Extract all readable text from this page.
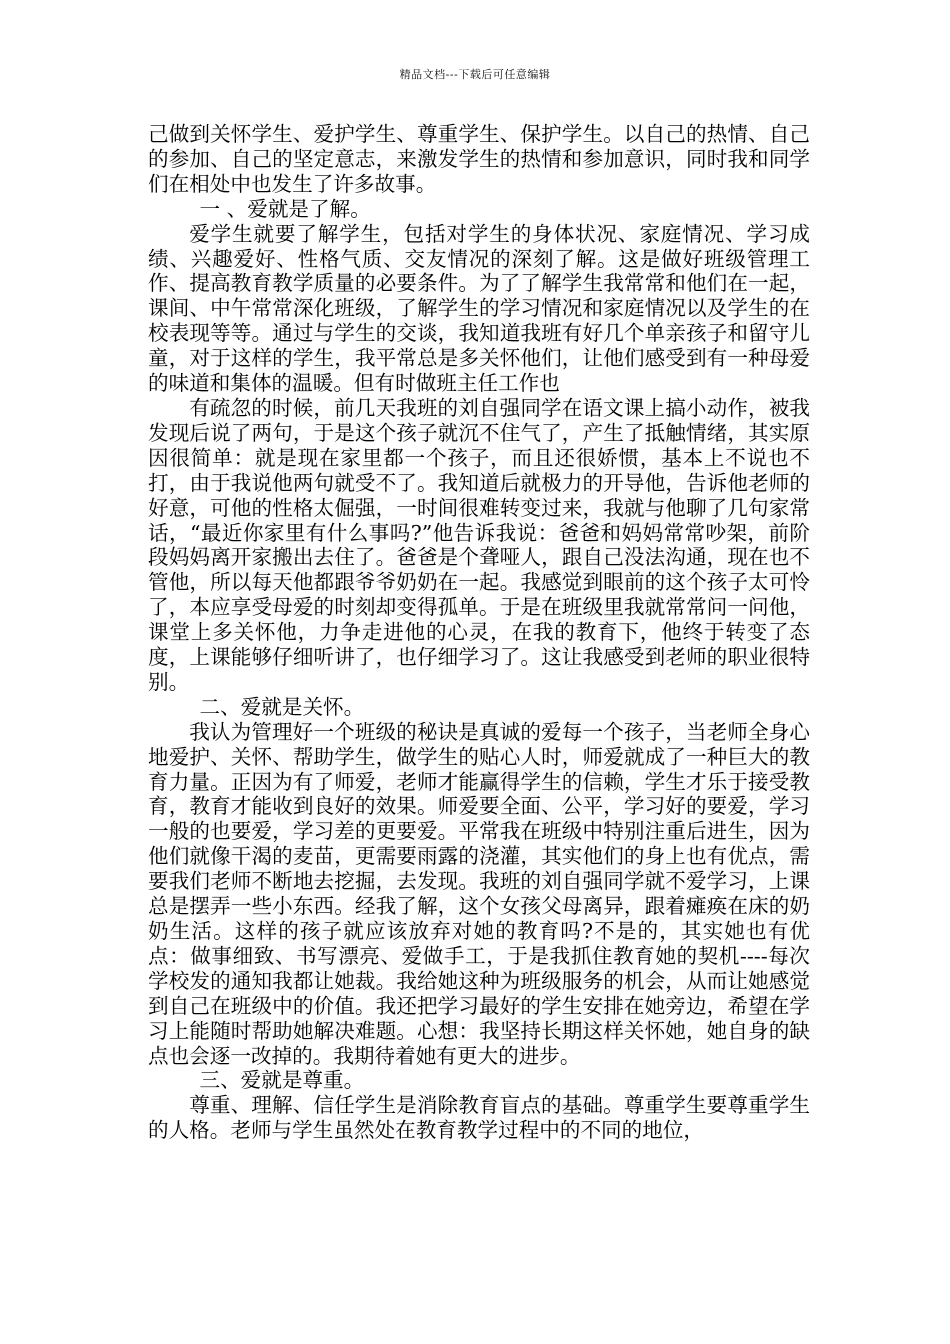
精品文档---下载后可任意编辑

己做到关怀学生、爱护学生、尊重学生、保护学生。以自己的热情、自己的参加、自己的坚定意志，来激发学生的热情和参加意识，同时我和同学们在相处中也发生了许多故事。

一 、爱就是了解。

爱学生就要了解学生，包括对学生的身体状况、家庭情况、学习成绩、兴趣爱好、性格气质、交友情况的深刻了解。这是做好班级管理工作、提高教育教学质量的必要条件。为了了解学生我常常和他们在一起，课间、中午常常深化班级，了解学生的学习情况和家庭情况以及学生的在校表现等等。通过与学生的交谈，我知道我班有好几个单亲孩子和留守儿童，对于这样的学生，我平常总是多关怀他们，让他们感受到有一种母爱的味道和集体的温暖。但有时做班主任工作也

有疏忽的时候，前几天我班的刘自强同学在语文课上搞小动作，被我发现后说了两句，于是这个孩子就沉不住气了，产生了抵触情绪，其实原因很简单：就是现在家里都一个孩子，而且还很娇惯，基本上不说也不打，由于我说他两句就受不了。我知道后就极力的开导他，告诉他老师的好意，可他的性格太倔强，一时间很难转变过来，我就与他聊了几句家常话，“最近你家里有什么事吗?”他告诉我说：爸爸和妈妈常常吵架，前阶段妈妈离开家搬出去住了。爸爸是个聋哑人，跟自己没法沟通，现在也不管他，所以每天他都跟爷爷奶奶在一起。我感觉到眼前的这个孩子太可怜了，本应享受母爱的时刻却变得孤单。于是在班级里我就常常问一问他，课堂上多关怀他，力争走进他的心灵，在我的教育下，他终于转变了态度，上课能够仔细听讲了，也仔细学习了。这让我感受到老师的职业很特别。

二、爱就是关怀。

我认为管理好一个班级的秘诀是真诚的爱每一个孩子，当老师全身心地爱护、关怀、帮助学生，做学生的贴心人时，师爱就成了一种巨大的教育力量。正因为有了师爱，老师才能赢得学生的信赖，学生才乐于接受教育，教育才能收到良好的效果。师爱要全面、公平，学习好的要爱，学习一般的也要爱，学习差的更要爱。平常我在班级中特别注重后进生，因为他们就像干渴的麦苗，更需要雨露的浇灌，其实他们的身上也有优点，需要我们老师不断地去挖掘，去发现。我班的刘自强同学就不爱学习，上课总是摆弄一些小东西。经我了解，这个女孩父母离异，跟着瘫痪在床的奶奶生活。这样的孩子就应该放弃对她的教育吗?不是的，其实她也有优点：做事细致、书写漂亮、爱做手工，于是我抓住教育她的契机----每次学校发的通知我都让她裁。我给她这种为班级服务的机会，从而让她感觉到自己在班级中的价值。我还把学习最好的学生安排在她旁边，希望在学习上能随时帮助她解决难题。心想：我坚持长期这样关怀她，她自身的缺点也会逐一改掉的。我期待着她有更大的进步。

三、爱就是尊重。

尊重、理解、信任学生是消除教育盲点的基础。尊重学生要尊重学生的人格。老师与学生虽然处在教育教学过程中的不同的地位，
